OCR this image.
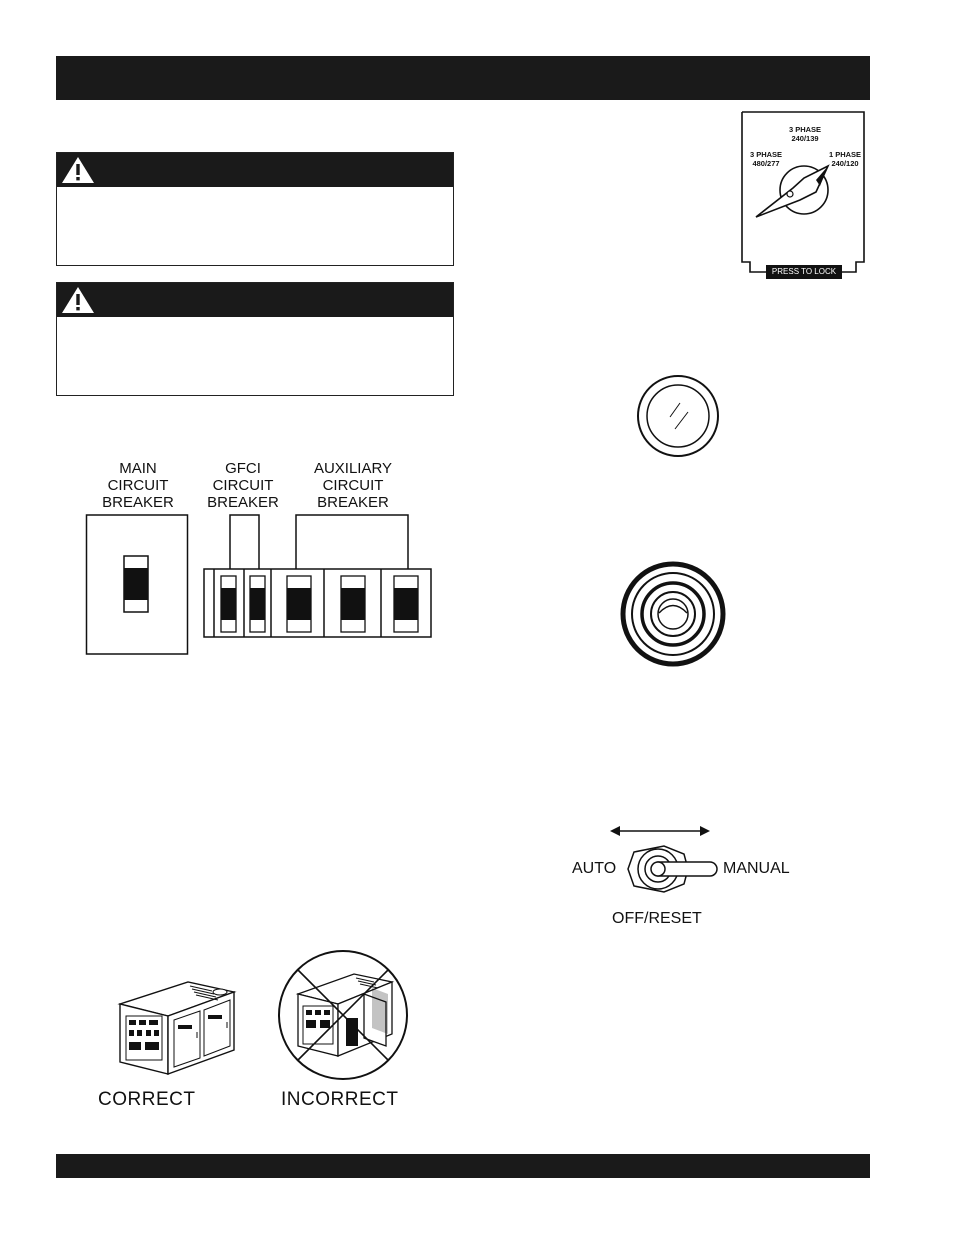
MAIN
CIRCUIT
BREAKER
GFCI
CIRCUIT
BREAKER
AUXILIARY
CIRCUIT
BREAKER
CORRECT	INCORRECT
3 PHASE
240/139
3 PHASE
480/277
1 PHASE
240/120
PRESS TO LOCK
AUTO	MANUAL
OFF/RESET
